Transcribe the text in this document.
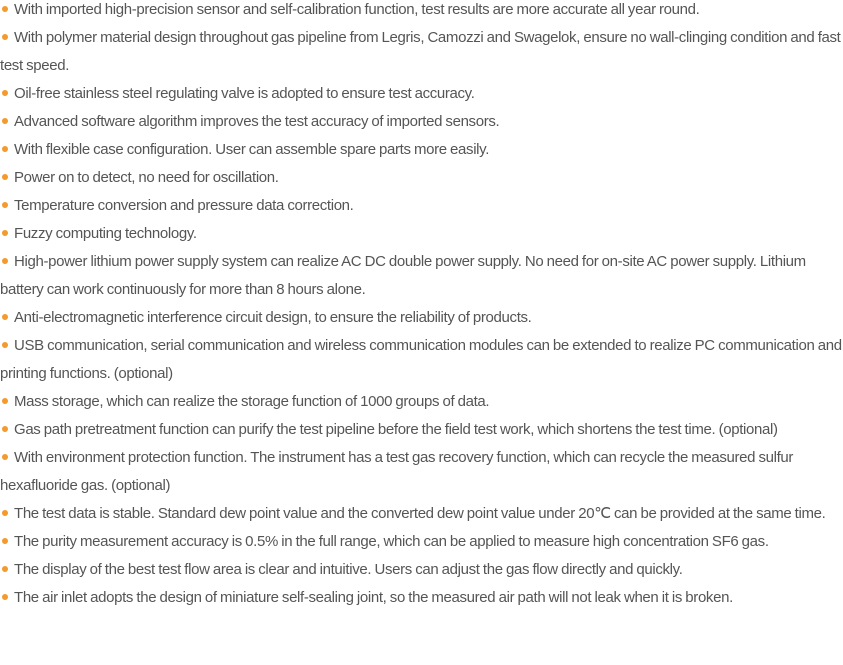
With imported high-precision sensor and self-calibration function, test results are more accurate all year round.
With polymer material design throughout gas pipeline from Legris, Camozzi and Swagelok, ensure no wall-clinging condition and fast test speed.
Oil-free stainless steel regulating valve is adopted to ensure test accuracy.
Advanced software algorithm improves the test accuracy of imported sensors.
With flexible case configuration. User can assemble spare parts more easily.
Power on to detect, no need for oscillation.
Temperature conversion and pressure data correction.
Fuzzy computing technology.
High-power lithium power supply system can realize AC DC double power supply. No need for on-site AC power supply. Lithium battery can work continuously for more than 8 hours alone.
Anti-electromagnetic interference circuit design, to ensure the reliability of products.
USB communication, serial communication and wireless communication modules can be extended to realize PC communication and printing functions. (optional)
Mass storage, which can realize the storage function of 1000 groups of data.
Gas path pretreatment function can purify the test pipeline before the field test work, which shortens the test time. (optional)
With environment protection function. The instrument has a test gas recovery function, which can recycle the measured sulfur hexafluoride gas. (optional)
The test data is stable. Standard dew point value and the converted dew point value under 20℃ can be provided at the same time.
The purity measurement accuracy is 0.5% in the full range, which can be applied to measure high concentration SF6 gas.
The display of the best test flow area is clear and intuitive. Users can adjust the gas flow directly and quickly.
The air inlet adopts the design of miniature self-sealing joint, so the measured air path will not leak when it is broken.
